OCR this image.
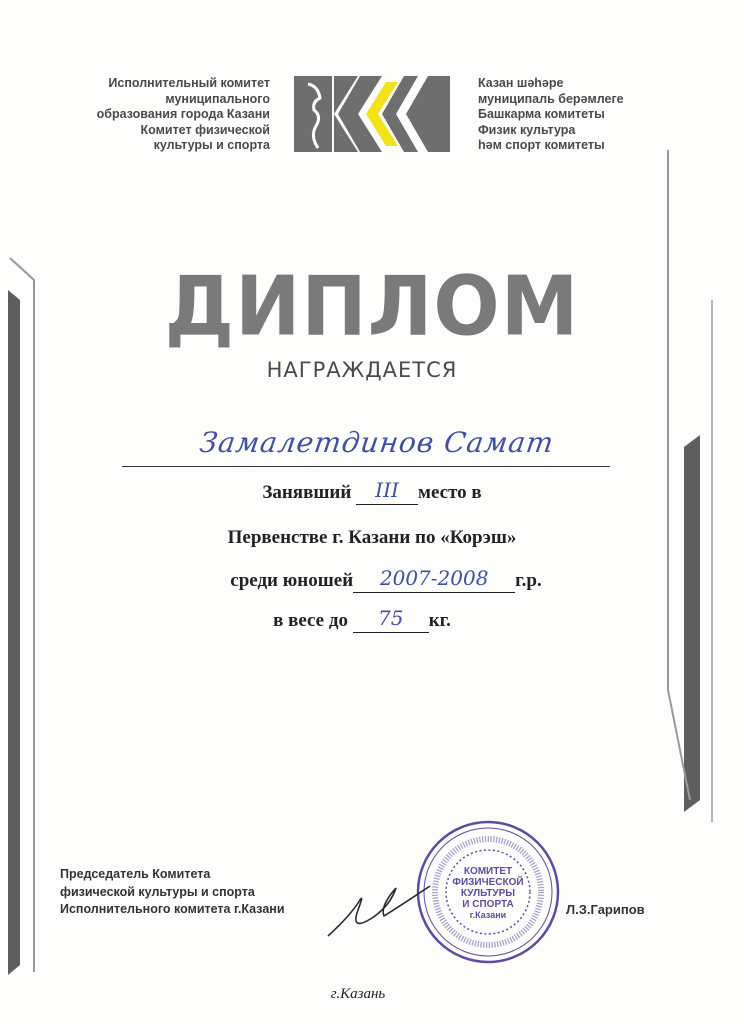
Исполнительный комитет
муниципального
образования города Казани
Комитет физической
культуры и спорта
Казан шәһәре
муниципаль берәмлеге
Башкарма комитеты
Физик культура
һәм спорт комитеты
ДИПЛОМ
НАГРАЖДАЕТСЯ
Замалетдинов Самат
Занявший	III	место в
Первенстве г. Казани по «Корэш»
среди юношей	2007-2008	г.р.
в весе до	75	кг.
Председатель Комитета
физической культуры и спорта
Исполнительного комитета г.Казани
КОМИТЕТ
ФИЗИЧЕСКОЙ
КУЛЬТУРЫ
И СПОРТА
г.Казани	Л.З.Гарипов
г.Казань
